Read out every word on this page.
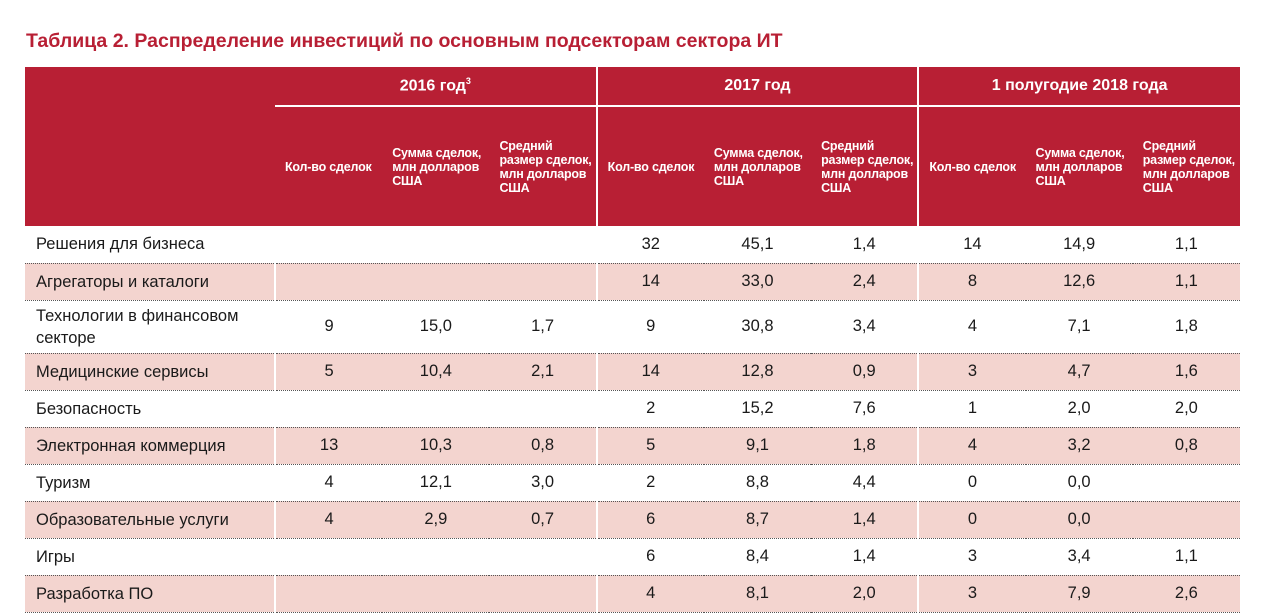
Таблица 2. Распределение инвестиций по основным подсекторам сектора ИТ
	2016 год$^3$			2017 год			1 полугодие 2018 года		
	Кол-во сделок	Сумма сделок, млн долларов США	Средний размер сделок, млн долларов США	Кол-во сделок	Сумма сделок, млн долларов США	Средний размер сделок, млн долларов США	Кол-во сделок	Сумма сделок, млн долларов США	Средний размер сделок, млн долларов США
Решения для бизнеса				32	45,1	1,4	14	14,9	1,1
Агрегаторы и каталоги				14	33,0	2,4	8	12,6	1,1
Технологии в финансовом секторе	9	15,0	1,7	9	30,8	3,4	4	7,1	1,8
Медицинские сервисы	5	10,4	2,1	14	12,8	0,9	3	4,7	1,6
Безопасность				2	15,2	7,6	1	2,0	2,0
Электронная коммерция	13	10,3	0,8	5	9,1	1,8	4	3,2	0,8
Туризм	4	12,1	3,0	2	8,8	4,4	0	0,0	
Образовательные услуги	4	2,9	0,7	6	8,7	1,4	0	0,0	
Игры				6	8,4	1,4	3	3,4	1,1
Разработка ПО				4	8,1	2,0	3	7,9	2,6
